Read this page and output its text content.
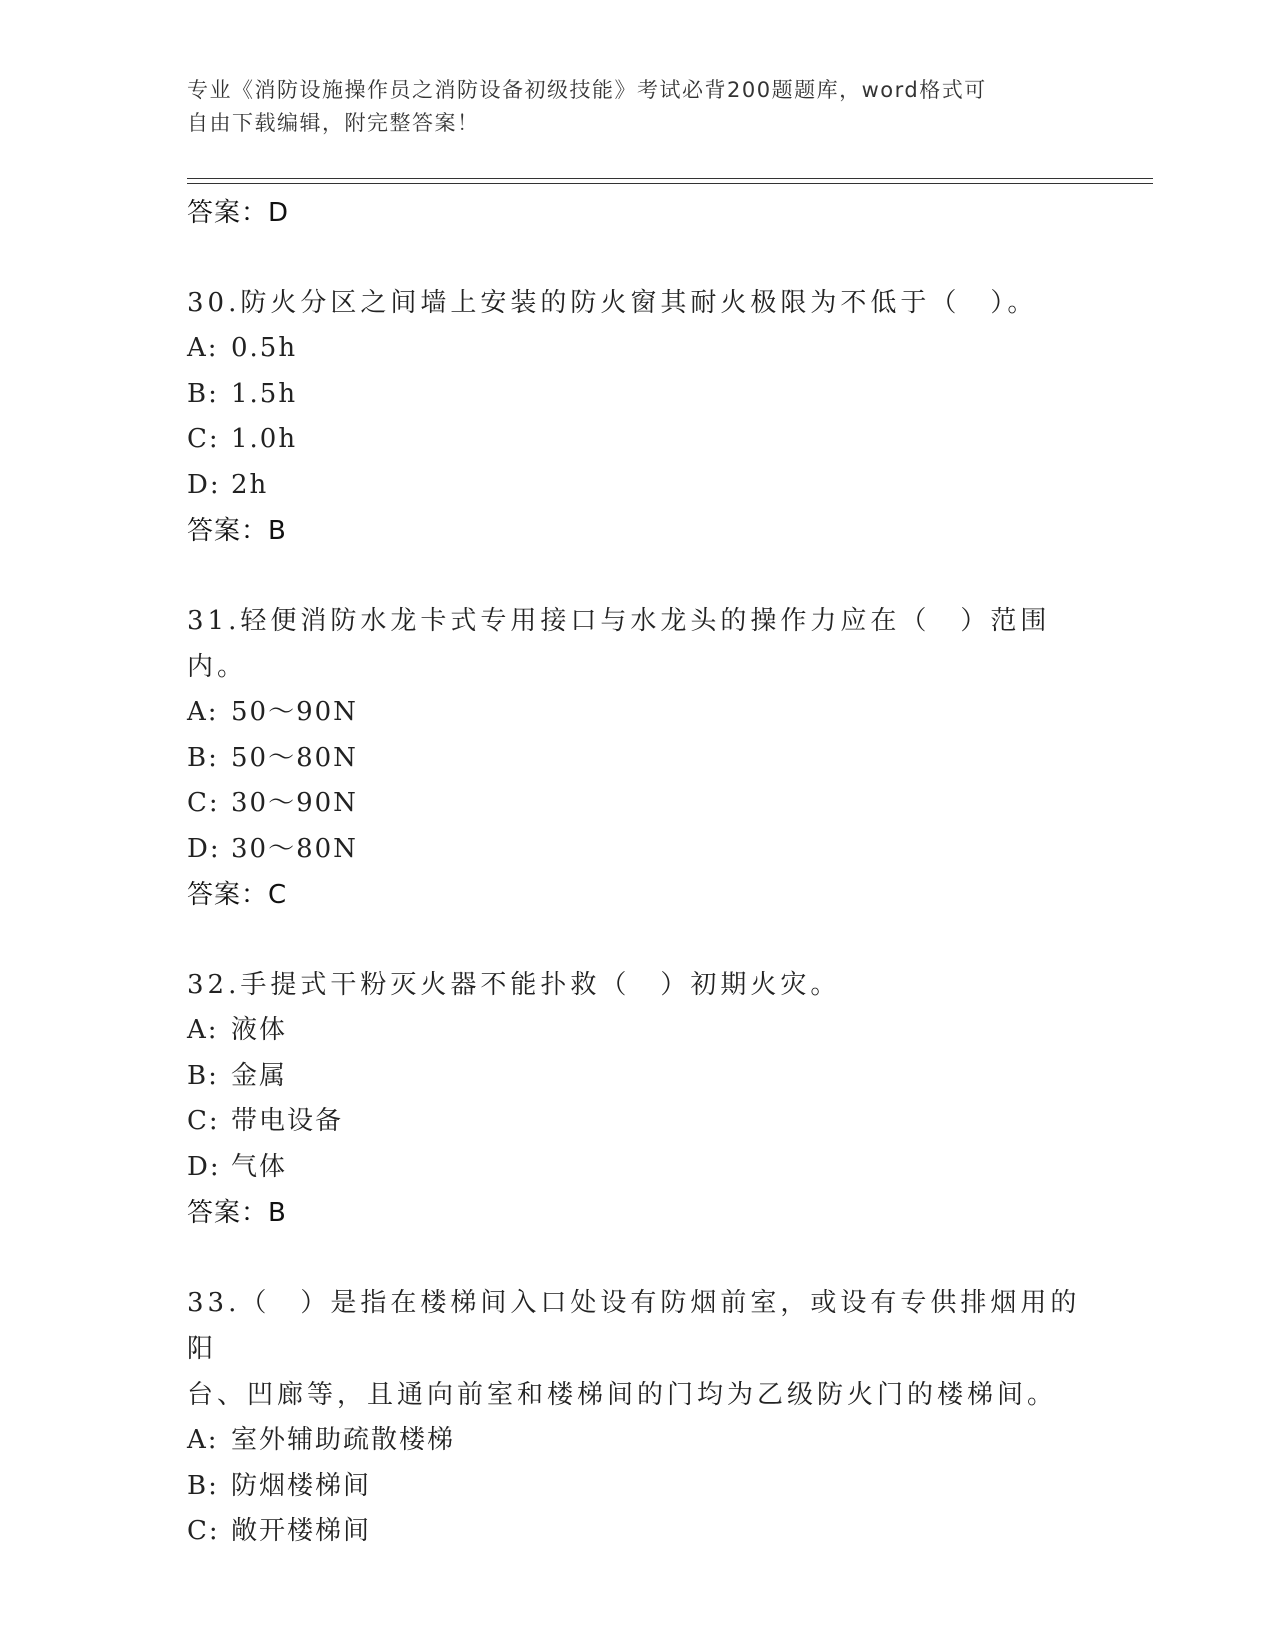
专业《消防设施操作员之消防设备初级技能》考试必背200题题库，word格式可
自由下载编辑，附完整答案！
答案：D
30.防火分区之间墙上安装的防火窗其耐火极限为不低于（　）。
A: 0.5h
B: 1.5h
C: 1.0h
D: 2h
答案：B
31.轻便消防水龙卡式专用接口与水龙头的操作力应在（　）范围内。
A: 50～90N
B: 50～80N
C: 30～90N
D: 30～80N
答案：C
32.手提式干粉灭火器不能扑救（　）初期火灾。
A: 液体
B: 金属
C: 带电设备
D: 气体
答案：B
33.（　）是指在楼梯间入口处设有防烟前室，或设有专供排烟用的阳
台、凹廊等，且通向前室和楼梯间的门均为乙级防火门的楼梯间。
A: 室外辅助疏散楼梯
B: 防烟楼梯间
C: 敞开楼梯间
